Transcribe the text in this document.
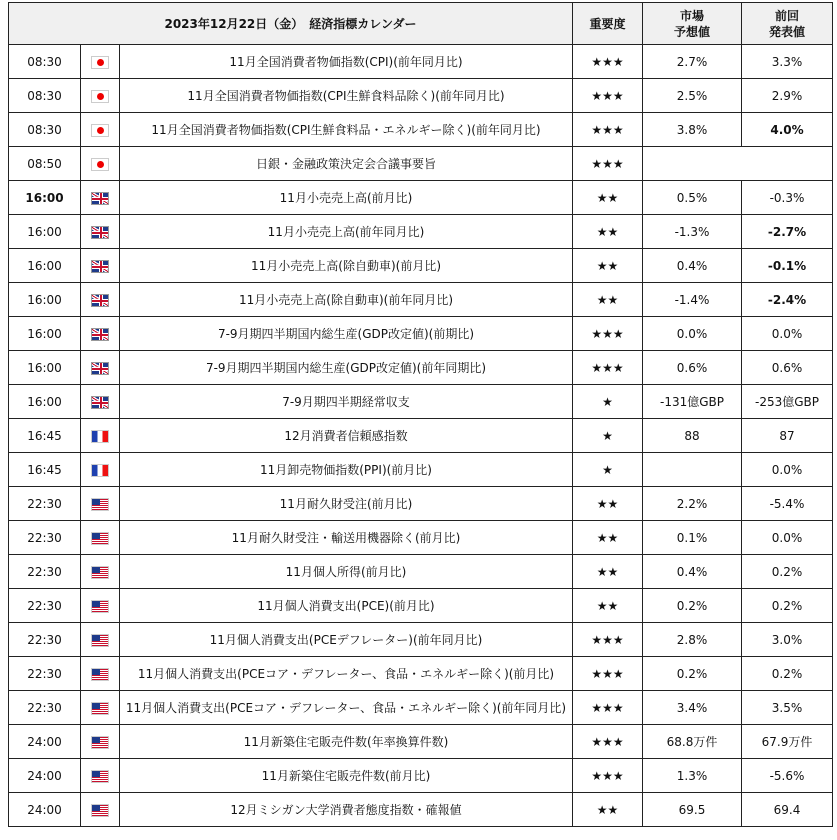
2023年12月22日（金）　経済指標カレンダー			重要度	市場
予想値	前回
発表値
08:30		11月全国消費者物価指数(CPI)(前年同月比)	★★★	2.7%	3.3%
08:30		11月全国消費者物価指数(CPI生鮮食料品除く)(前年同月比)	★★★	2.5%	2.9%
08:30		11月全国消費者物価指数(CPI生鮮食料品・エネルギー除く)(前年同月比)	★★★	3.8%	4.0%
08:50		日銀・金融政策決定会合議事要旨	★★★		
16:00		11月小売売上高(前月比)	★★	0.5%	-0.3%
16:00		11月小売売上高(前年同月比)	★★	-1.3%	-2.7%
16:00		11月小売売上高(除自動車)(前月比)	★★	0.4%	-0.1%
16:00		11月小売売上高(除自動車)(前年同月比)	★★	-1.4%	-2.4%
16:00		7-9月期四半期国内総生産(GDP改定値)(前期比)	★★★	0.0%	0.0%
16:00		7-9月期四半期国内総生産(GDP改定値)(前年同期比)	★★★	0.6%	0.6%
16:00		7-9月期四半期経常収支	★	-131億GBP	-253億GBP
16:45		12月消費者信頼感指数	★	88	87
16:45		11月卸売物価指数(PPI)(前月比)	★		0.0%
22:30		11月耐久財受注(前月比)	★★	2.2%	-5.4%
22:30		11月耐久財受注・輸送用機器除く(前月比)	★★	0.1%	0.0%
22:30		11月個人所得(前月比)	★★	0.4%	0.2%
22:30		11月個人消費支出(PCE)(前月比)	★★	0.2%	0.2%
22:30		11月個人消費支出(PCEデフレーター)(前年同月比)	★★★	2.8%	3.0%
22:30		11月個人消費支出(PCEコア・デフレーター、食品・エネルギー除く)(前月比)	★★★	0.2%	0.2%
22:30		11月個人消費支出(PCEコア・デフレーター、食品・エネルギー除く)(前年同月比)	★★★	3.4%	3.5%
24:00		11月新築住宅販売件数(年率換算件数)	★★★	68.8万件	67.9万件
24:00		11月新築住宅販売件数(前月比)	★★★	1.3%	-5.6%
24:00		12月ミシガン大学消費者態度指数・確報値	★★	69.5	69.4
